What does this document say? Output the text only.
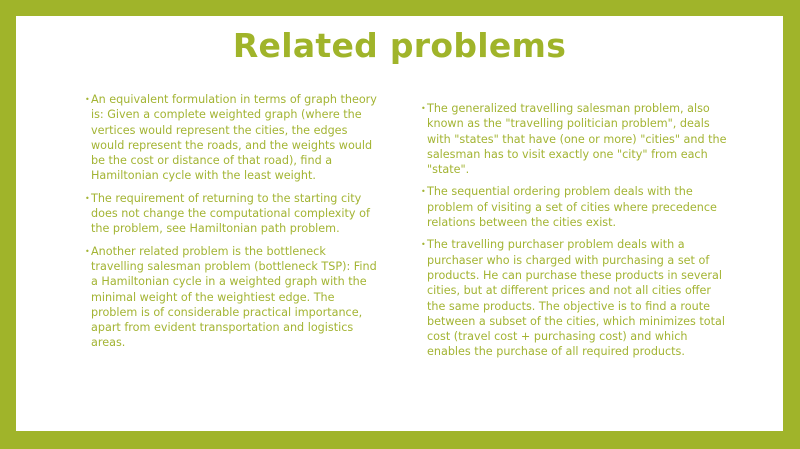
Related problems
• An equivalent formulation in terms of graph theory is: Given a complete weighted graph (where the vertices would represent the cities, the edges would represent the roads, and the weights would be the cost or distance of that road), find a Hamiltonian cycle with the least weight.
• The requirement of returning to the starting city does not change the computational complexity of the problem, see Hamiltonian path problem.
• Another related problem is the bottleneck travelling salesman problem (bottleneck TSP): Find a Hamiltonian cycle in a weighted graph with the minimal weight of the weightiest edge. The problem is of considerable practical importance, apart from evident transportation and logistics areas.
• The generalized travelling salesman problem, also known as the "travelling politician problem", deals with "states" that have (one or more) "cities" and the salesman has to visit exactly one "city" from each "state".
• The sequential ordering problem deals with the problem of visiting a set of cities where precedence relations between the cities exist.
• The travelling purchaser problem deals with a purchaser who is charged with purchasing a set of products. He can purchase these products in several cities, but at different prices and not all cities offer the same products. The objective is to find a route between a subset of the cities, which minimizes total cost (travel cost + purchasing cost) and which enables the purchase of all required products.
